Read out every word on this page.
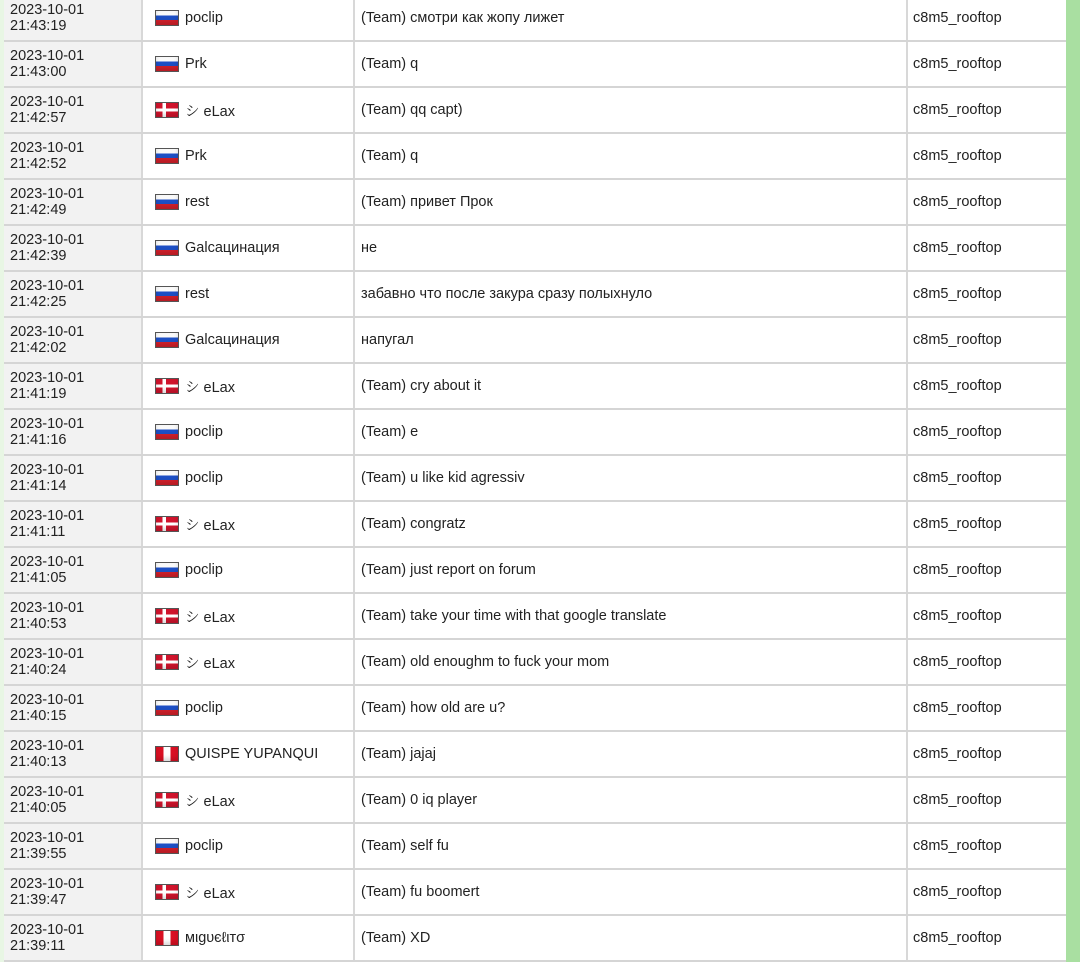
2023-10-01
21:43:19	poclip	(Team) смотри как жопу лижет	c8m5_rooftop
2023-10-01
21:43:00	Prk	(Team) q	c8m5_rooftop
2023-10-01
21:42:57	シ eLax	(Team) qq capt)	c8m5_rooftop
2023-10-01
21:42:52	Prk	(Team) q	c8m5_rooftop
2023-10-01
21:42:49	rest	(Team) привет Прок	c8m5_rooftop
2023-10-01
21:42:39	Galcацинация	не	c8m5_rooftop
2023-10-01
21:42:25	rest	забавно что после закура сразу полыхнуло	c8m5_rooftop
2023-10-01
21:42:02	Galcацинация	напугал	c8m5_rooftop
2023-10-01
21:41:19	シ eLax	(Team) cry about it	c8m5_rooftop
2023-10-01
21:41:16	poclip	(Team) e	c8m5_rooftop
2023-10-01
21:41:14	poclip	(Team) u like kid agressiv	c8m5_rooftop
2023-10-01
21:41:11	シ eLax	(Team) congratz	c8m5_rooftop
2023-10-01
21:41:05	poclip	(Team) just report on forum	c8m5_rooftop
2023-10-01
21:40:53	シ eLax	(Team) take your time with that google translate	c8m5_rooftop
2023-10-01
21:40:24	シ eLax	(Team) old enoughm to fuck your mom	c8m5_rooftop
2023-10-01
21:40:15	poclip	(Team) how old are u?	c8m5_rooftop
2023-10-01
21:40:13	QUISPE YUPANQUI	(Team) jajaj	c8m5_rooftop
2023-10-01
21:40:05	シ eLax	(Team) 0 iq player	c8m5_rooftop
2023-10-01
21:39:55	poclip	(Team) self fu	c8m5_rooftop
2023-10-01
21:39:47	シ eLax	(Team) fu boomert	c8m5_rooftop
2023-10-01
21:39:11	мιgυєℓιтσ	(Team) XD	c8m5_rooftop
